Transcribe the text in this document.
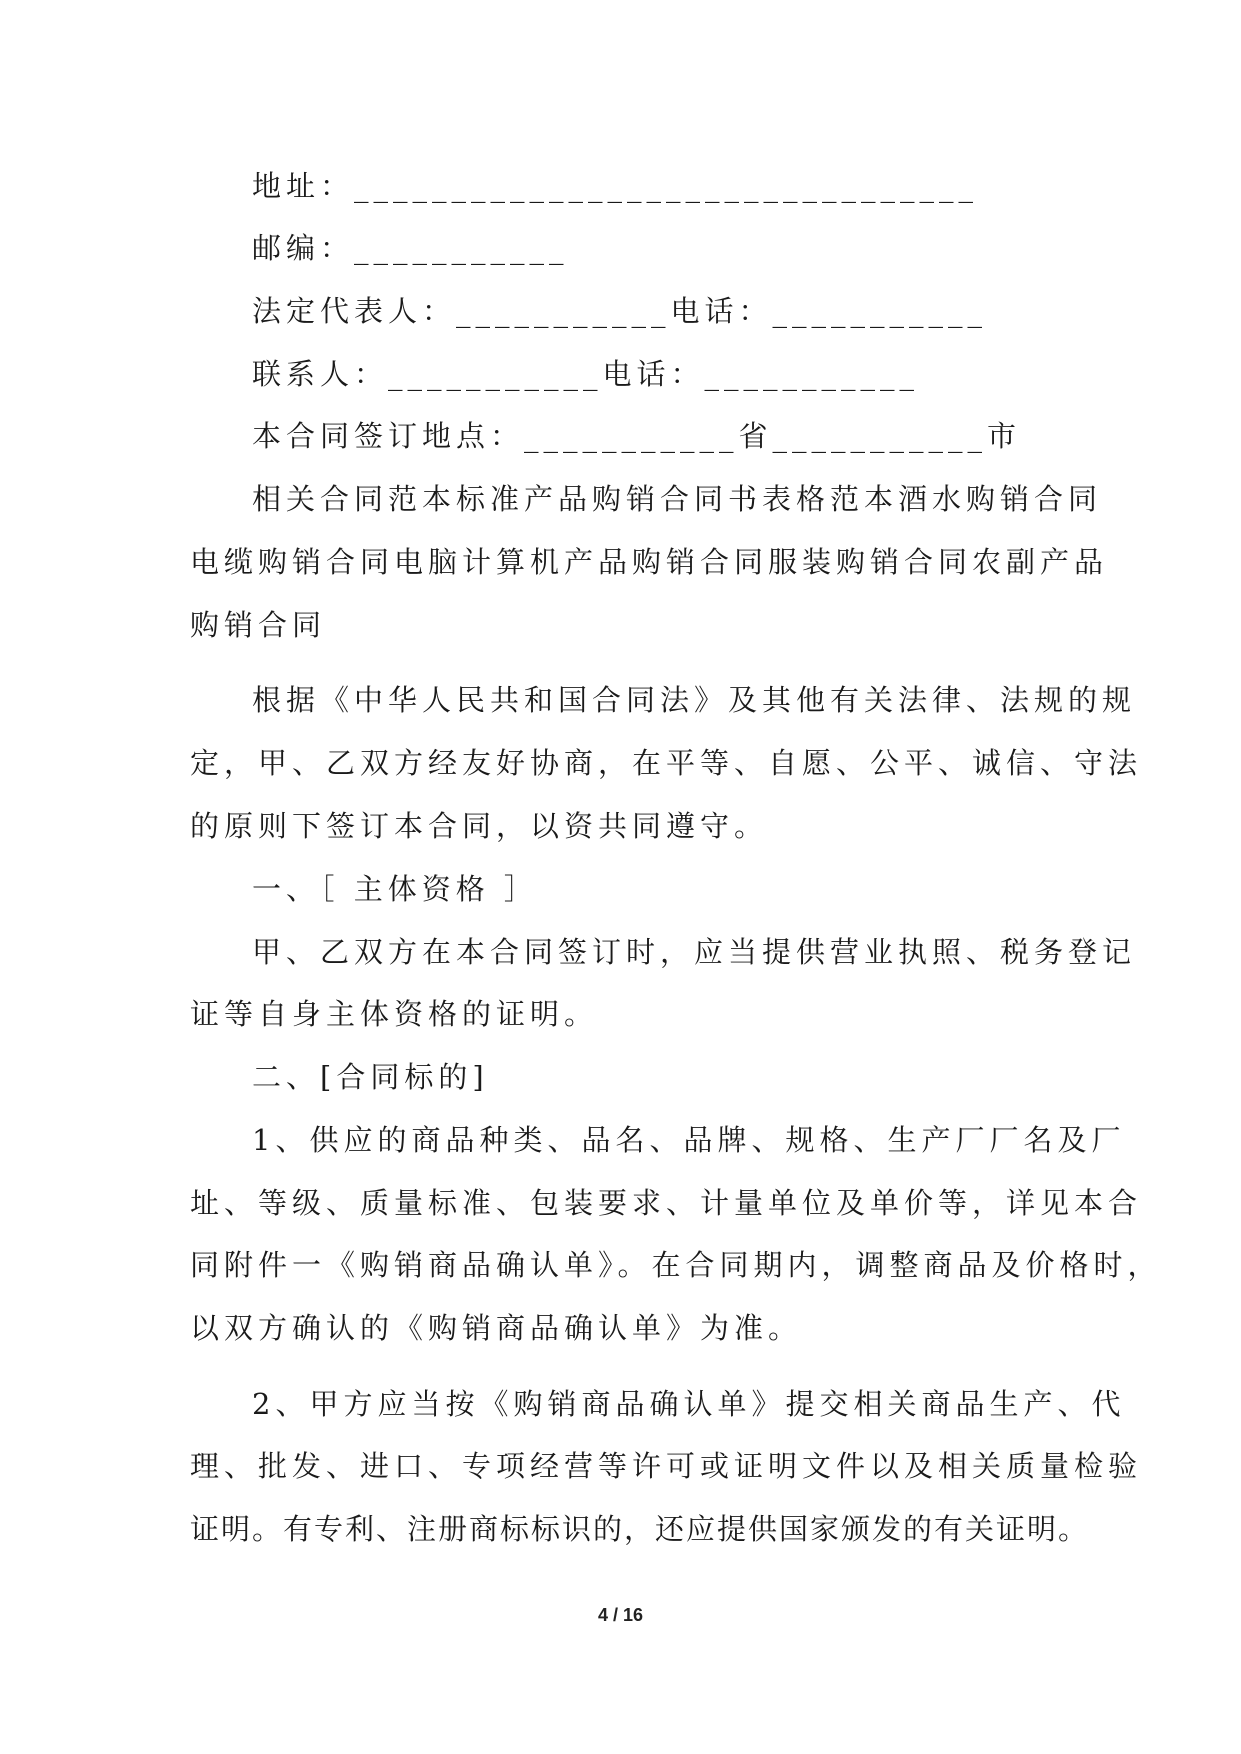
地址：________________________________
邮编：___________
法定代表人：___________电话：___________
联系人：___________电话：___________
本合同签订地点：___________省___________市
相关合同范本标准产品购销合同书表格范本酒水购销合同
电缆购销合同电脑计算机产品购销合同服装购销合同农副产品
购销合同
根据《中华人民共和国合同法》及其他有关法律、法规的规
定，甲、乙双方经友好协商，在平等、自愿、公平、诚信、守法
的原则下签订本合同，以资共同遵守。
一、［ 主体资格 ］
甲、乙双方在本合同签订时，应当提供营业执照、税务登记
证等自身主体资格的证明。
二、[合同标的]
1、供应的商品种类、品名、品牌、规格、生产厂厂名及厂
址、等级、质量标准、包装要求、计量单位及单价等，详见本合
同附件一《购销商品确认单》。在合同期内，调整商品及价格时，
以双方确认的《购销商品确认单》为准。
2、甲方应当按《购销商品确认单》提交相关商品生产、代
理、批发、进口、专项经营等许可或证明文件以及相关质量检验
证明。有专利、注册商标标识的，还应提供国家颁发的有关证明。
4 / 16
